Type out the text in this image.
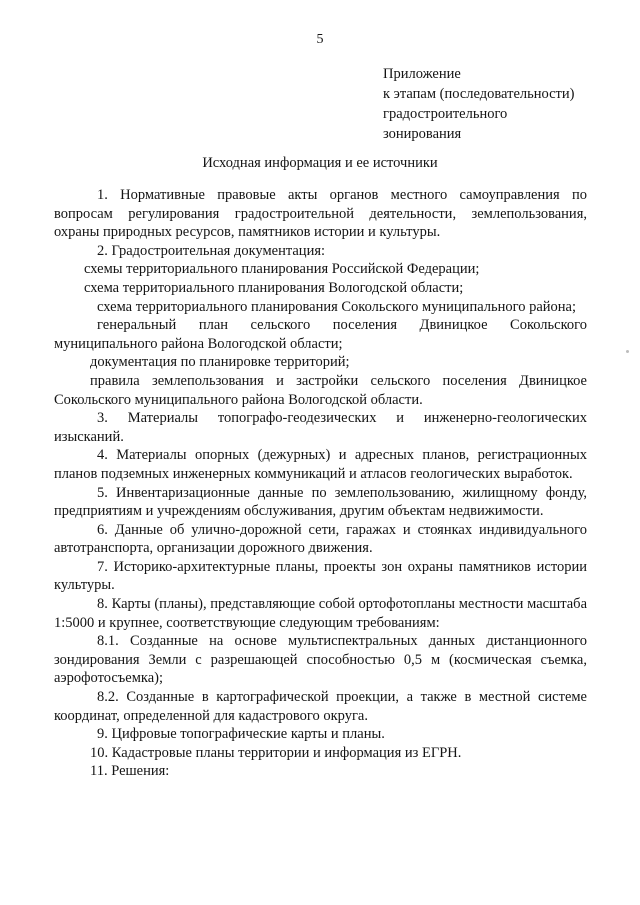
5
Приложение
к этапам (последовательности)
градостроительного
зонирования
Исходная информация и ее источники

1. Нормативные правовые акты органов местного самоуправления по вопросам регулирования градостроительной деятельности, землепользования, охраны природных ресурсов, памятников истории и культуры.

2. Градостроительная документация:

схемы территориального планирования Российской Федерации;

схема территориального планирования Вологодской области;

схема территориального планирования Сокольского муниципального района;

генеральный план сельского поселения Двиницкое Сокольского муниципального района Вологодской области;

документация по планировке территорий;

правила землепользования и застройки сельского поселения Двиницкое Сокольского муниципального района Вологодской области.

3. Материалы топографо-геодезических и инженерно-геологических изысканий.

4. Материалы опорных (дежурных) и адресных планов, регистрационных планов подземных инженерных коммуникаций и атласов геологических выработок.

5. Инвентаризационные данные по землепользованию, жилищному фонду, предприятиям и учреждениям обслуживания, другим объектам недвижимости.

6. Данные об улично-дорожной сети, гаражах и стоянках индивидуального автотранспорта, организации дорожного движения.

7. Историко-архитектурные планы, проекты зон охраны памятников истории культуры.

8. Карты (планы), представляющие собой ортофотопланы местности масштаба 1:5000 и крупнее, соответствующие следующим требованиям:

8.1. Созданные на основе мультиспектральных данных дистанционного зондирования Земли с разрешающей способностью 0,5 м (космическая съемка, аэрофотосъемка);

8.2. Созданные в картографической проекции, а также в местной системе координат, определенной для кадастрового округа.

9. Цифровые топографические карты и планы.

10. Кадастровые планы территории и информация из ЕГРН.

11. Решения:
